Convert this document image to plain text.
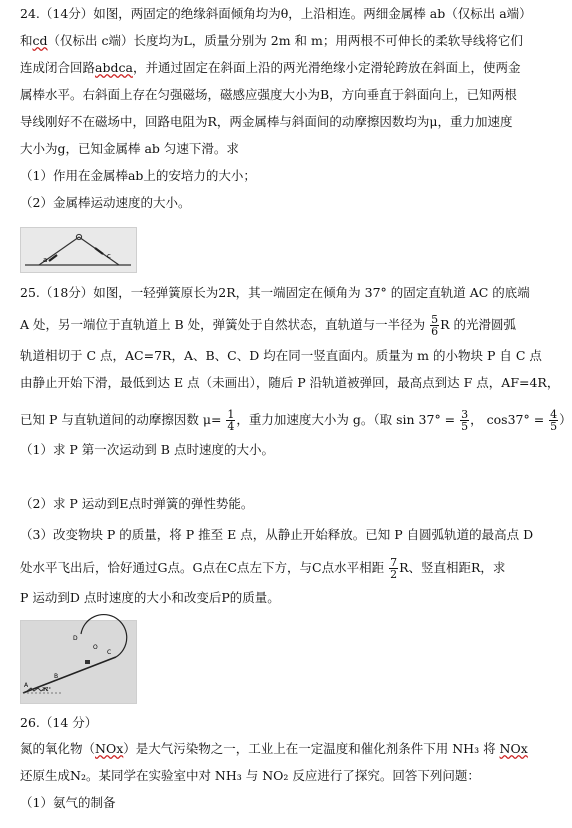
24.（14分）如图，两固定的绝缘斜面倾角均为θ，上沿相连。两细金属棒 ab（仅标出 a端）
和cd（仅标出 c端）长度均为L，质量分别为 2m 和 m；用两根不可伸长的柔软导线将它们
连成闭合回路abdca，并通过固定在斜面上沿的两光滑绝缘小定滑轮跨放在斜面上，使两金
属棒水平。右斜面上存在匀强磁场，磁感应强度大小为B，方向垂直于斜面向上，已知两根
导线刚好不在磁场中，回路电阻为R，两金属棒与斜面间的动摩擦因数均为μ，重力加速度
大小为g，已知金属棒 ab 匀速下滑。求
（1）作用在金属棒ab上的安培力的大小；
（2）金属棒运动速度的大小。
a	c
25.（18分）如图，一轻弹簧原长为2R，其一端固定在倾角为 37° 的固定直轨道 AC 的底端
A 处，另一端位于直轨道上 B 处，弹簧处于自然状态，直轨道与一半径为 $\frac{5}{6}$ R 的光滑圆弧
轨道相切于 C 点，AC=7R，A、B、C、D 均在同一竖直面内。质量为 m 的小物块 P 自 C 点
由静止开始下滑，最低到达 E 点（未画出），随后 P 沿轨道被弹回，最高点到达 F 点，AF=4R，
已知 P 与直轨道间的动摩擦因数 $\mu= \frac{1}{4}$ ，重力加速度大小为 g。（取 $\sin 37^\circ = \frac{3}{5}$ ， $\cos 37^\circ = \frac{4}{5}$ ）
（1）求 P 第一次运动到 B 点时速度的大小。
（2）求 P 运动到E点时弹簧的弹性势能。
（3）改变物块 P 的质量，将 P 推至 E 点，从静止开始释放。已知 P 自圆弧轨道的最高点 D
处水平飞出后，恰好通过G点。G点在C点左下方，与C点水平相距 $\frac{7}{2}$ R、竖直相距R，求
P 运动到D 点时速度的大小和改变后P的质量。
D
O
C
B
A
37°
26.（14 分）
氮的氧化物（NOx）是大气污染物之一，工业上在一定温度和催化剂条件下用 NH₃ 将 NOx
还原生成N₂。某同学在实验室中对 NH₃ 与 NO₂ 反应进行了探究。回答下列问题：
（1）氨气的制备
